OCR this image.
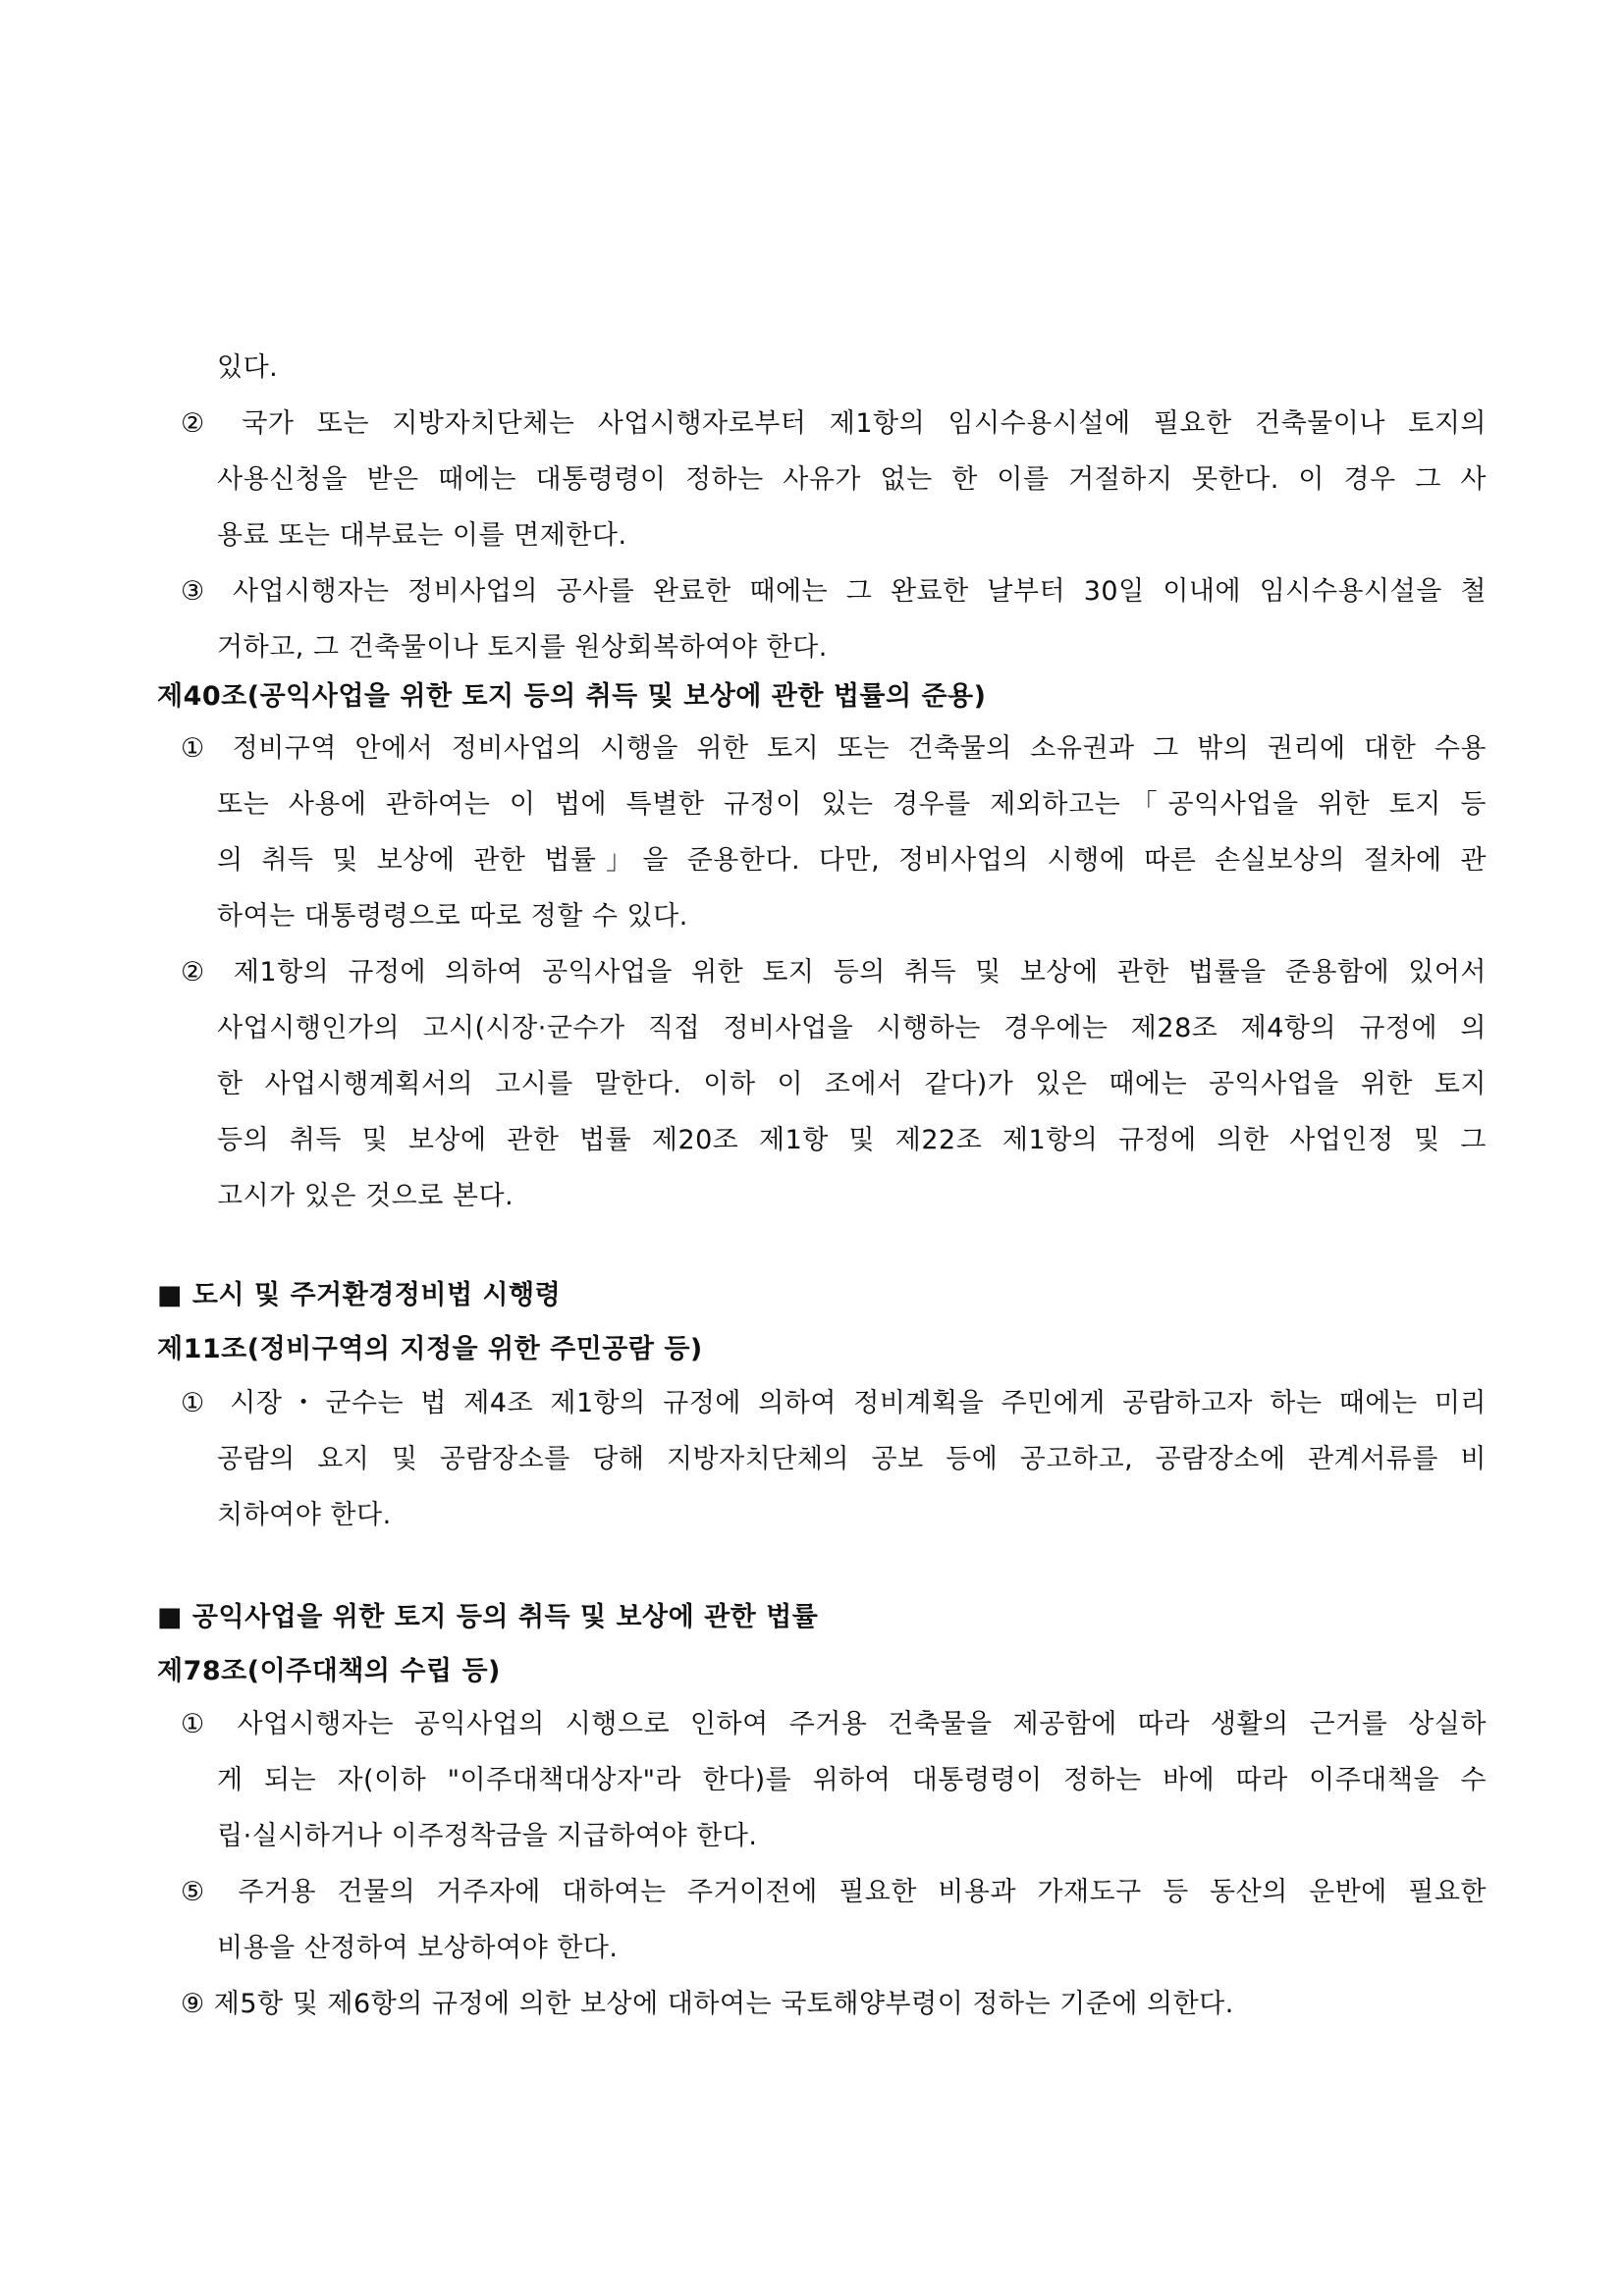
있다.
② 국가 또는 지방자치단체는 사업시행자로부터 제1항의 임시수용시설에 필요한 건축물이나 토지의
사용신청을 받은 때에는 대통령령이 정하는 사유가 없는 한 이를 거절하지 못한다. 이 경우 그 사
용료 또는 대부료는 이를 면제한다.
③ 사업시행자는 정비사업의 공사를 완료한 때에는 그 완료한 날부터 30일 이내에 임시수용시설을 철
거하고, 그 건축물이나 토지를 원상회복하여야 한다.
제40조(공익사업을 위한 토지 등의 취득 및 보상에 관한 법률의 준용)
① 정비구역 안에서 정비사업의 시행을 위한 토지 또는 건축물의 소유권과 그 밖의 권리에 대한 수용
또는 사용에 관하여는 이 법에 특별한 규정이 있는 경우를 제외하고는「공익사업을 위한 토지 등
의 취득 및 보상에 관한 법률」을 준용한다. 다만, 정비사업의 시행에 따른 손실보상의 절차에 관
하여는 대통령령으로 따로 정할 수 있다.
② 제1항의 규정에 의하여 공익사업을 위한 토지 등의 취득 및 보상에 관한 법률을 준용함에 있어서
사업시행인가의 고시(시장·군수가 직접 정비사업을 시행하는 경우에는 제28조 제4항의 규정에 의
한 사업시행계획서의 고시를 말한다. 이하 이 조에서 같다)가 있은 때에는 공익사업을 위한 토지
등의 취득 및 보상에 관한 법률 제20조 제1항 및 제22조 제1항의 규정에 의한 사업인정 및 그
고시가 있은 것으로 본다.
■ 도시 및 주거환경정비법 시행령
제11조(정비구역의 지정을 위한 주민공람 등)
① 시장・군수는 법 제4조 제1항의 규정에 의하여 정비계획을 주민에게 공람하고자 하는 때에는 미리
공람의 요지 및 공람장소를 당해 지방자치단체의 공보 등에 공고하고, 공람장소에 관계서류를 비
치하여야 한다.
■ 공익사업을 위한 토지 등의 취득 및 보상에 관한 법률
제78조(이주대책의 수립 등)
① 사업시행자는 공익사업의 시행으로 인하여 주거용 건축물을 제공함에 따라 생활의 근거를 상실하
게 되는 자(이하 "이주대책대상자"라 한다)를 위하여 대통령령이 정하는 바에 따라 이주대책을 수
립·실시하거나 이주정착금을 지급하여야 한다.
⑤ 주거용 건물의 거주자에 대하여는 주거이전에 필요한 비용과 가재도구 등 동산의 운반에 필요한
비용을 산정하여 보상하여야 한다.
⑨ 제5항 및 제6항의 규정에 의한 보상에 대하여는 국토해양부령이 정하는 기준에 의한다.
